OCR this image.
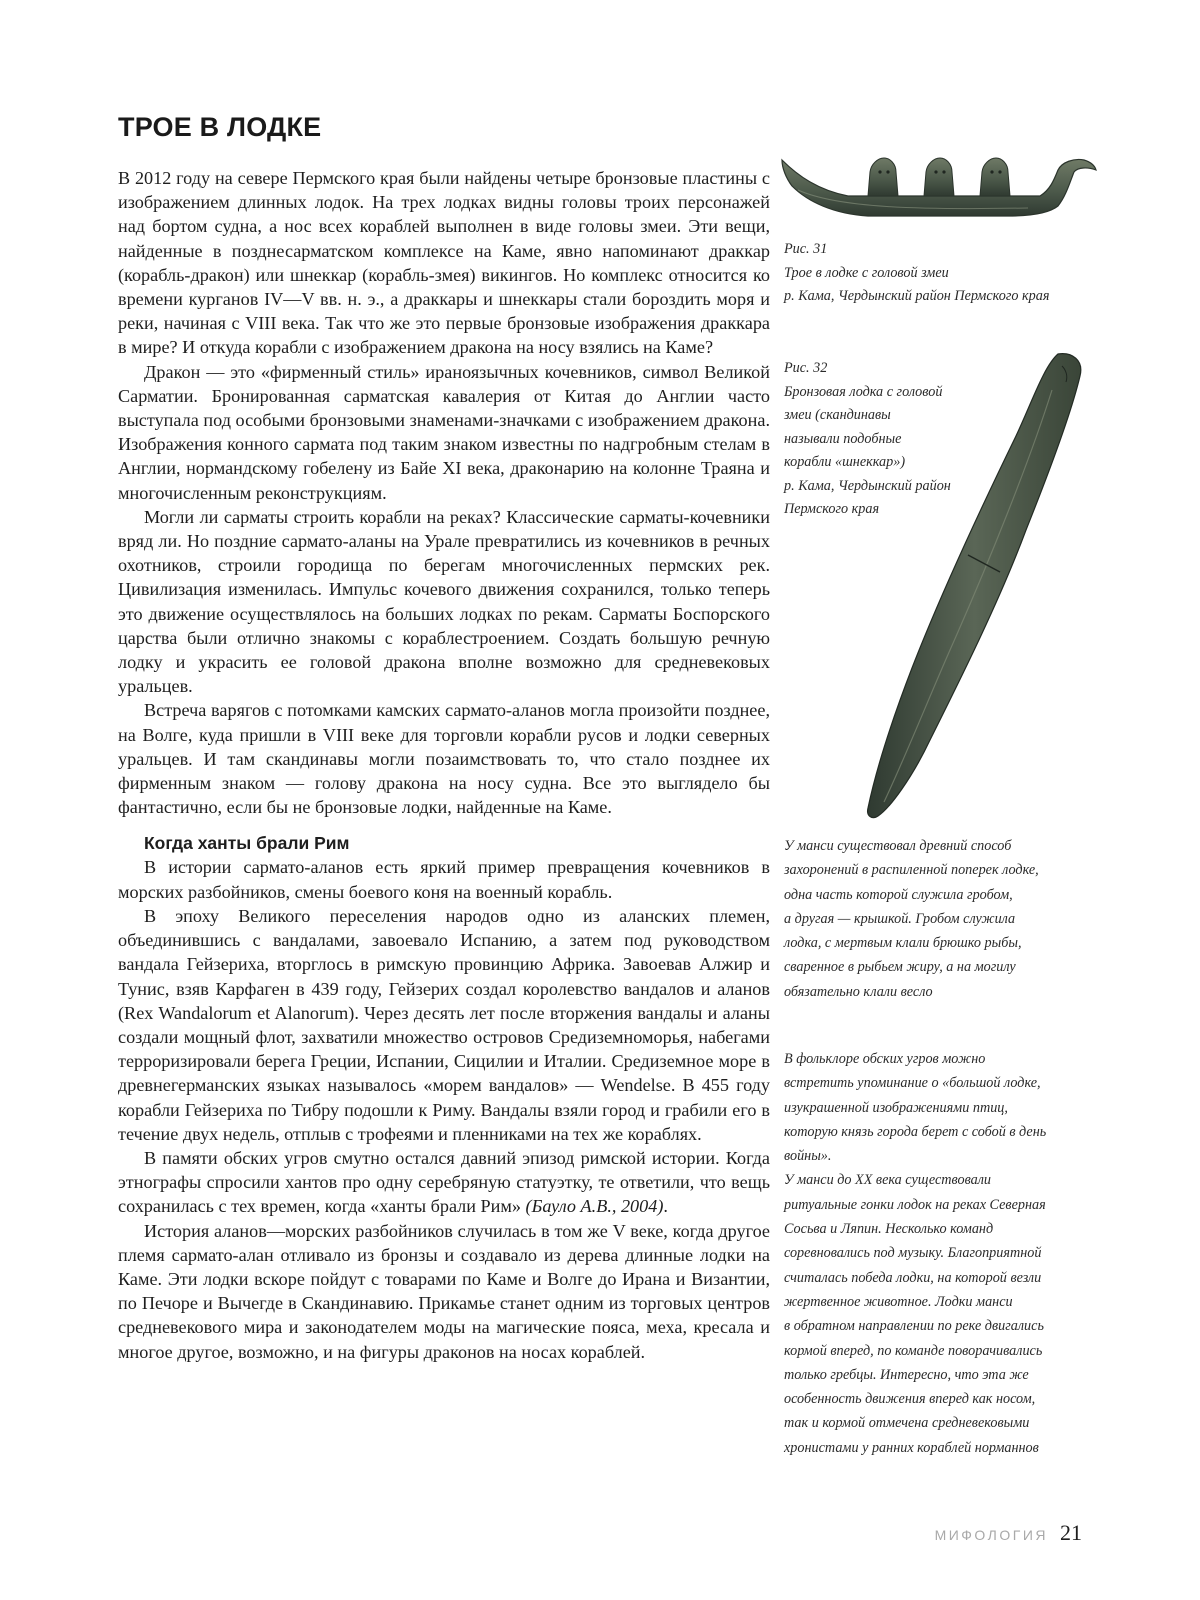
ТРОЕ В ЛОДКЕ

В 2012 году на севере Пермского края были найдены четыре бронзовые пластины с изображением длинных лодок. На трех лодках видны головы троих персонажей над бортом судна, а нос всех кораблей выполнен в виде головы змеи. Эти вещи, найденные в позднесарматском комплексе на Каме, явно напоминают драккар (корабль-дракон) или шнеккар (корабль-змея) викингов. Но комплекс относится ко времени курганов IV—V вв. н. э., а драккары и шнеккары стали бороздить моря и реки, начиная с VIII века. Так что же это первые бронзовые изображения драккара в мире? И откуда корабли с изображением дракона на носу взялись на Каме?

Дракон — это «фирменный стиль» ираноязычных кочевников, символ Великой Сарматии. Бронированная сарматская кавалерия от Китая до Англии часто выступала под особыми бронзовыми знаменами-значками с изображением дракона. Изображения конного сармата под таким знаком известны по надгробным стелам в Англии, нормандскому гобелену из Байе XI века, драконарию на колонне Траяна и многочисленным реконструкциям.

Могли ли сарматы строить корабли на реках? Классические сарматы-кочевники вряд ли. Но поздние сармато-аланы на Урале превратились из кочевников в речных охотников, строили городища по берегам многочисленных пермских рек. Цивилизация изменилась. Импульс кочевого движения сохранился, только теперь это движение осуществлялось на больших лодках по рекам. Сарматы Боспорского царства были отлично знакомы с кораблестроением. Создать большую речную лодку и украсить ее головой дракона вполне возможно для средневековых уральцев.

Встреча варягов с потомками камских сармато-аланов могла произойти позднее, на Волге, куда пришли в VIII веке для торговли корабли русов и лодки северных уральцев. И там скандинавы могли позаимствовать то, что стало позднее их фирменным знаком — голову дракона на носу судна. Все это выглядело бы фантастично, если бы не бронзовые лодки, найденные на Каме.

Когда ханты брали Рим

В истории сармато-аланов есть яркий пример превращения кочевников в морских разбойников, смены боевого коня на военный корабль.

В эпоху Великого переселения народов одно из аланских племен, объединившись с вандалами, завоевало Испанию, а затем под руководством вандала Гейзериха, вторглось в римскую провинцию Африка. Завоевав Алжир и Тунис, взяв Карфаген в 439 году, Гейзерих создал королевство вандалов и аланов (Rex Wandalorum et Alanorum). Через десять лет после вторжения вандалы и аланы создали мощный флот, захватили множество островов Средиземноморья, набегами терроризировали берега Греции, Испании, Сицилии и Италии. Средиземное море в древнегерманских языках называлось «морем вандалов» — Wendelse. В 455 году корабли Гейзериха по Тибру подошли к Риму. Вандалы взяли город и грабили его в течение двух недель, отплыв с трофеями и пленниками на тех же кораблях.

В памяти обских угров смутно остался давний эпизод римской истории. Когда этнографы спросили хантов про одну серебряную статуэтку, те ответили, что вещь сохранилась с тех времен, когда «ханты брали Рим» (Бауло А.В., 2004).

История аланов—морских разбойников случилась в том же V веке, когда другое племя сармато-алан отливало из бронзы и создавало из дерева длинные лодки на Каме. Эти лодки вскоре пойдут с товарами по Каме и Волге до Ирана и Византии, по Печоре и Вычегде в Скандинавию. Прикамье станет одним из торговых центров средневекового мира и законодателем моды на магические пояса, меха, кресала и многое другое, возможно, и на фигуры драконов на носах кораблей.

Рис. 31
Трое в лодке с головой змеи
р. Кама, Чердынский район Пермского края
Рис. 32
Бронзовая лодка с головой
змеи (скандинавы
называли подобные
корабли «шнеккар»)
р. Кама, Чердынский район
Пермского края
У манси существовал древний способ
захоронений в распиленной поперек лодке,
одна часть которой служила гробом,
а другая — крышкой. Гробом служила
лодка, с мертвым клали брюшко рыбы,
сваренное в рыбьем жиру, а на могилу
обязательно клали весло
В фольклоре обских угров можно
встретить упоминание о «большой лодке,
изукрашенной изображениями птиц,
которую князь города берет с собой в день
войны».
У манси до XX века существовали
ритуальные гонки лодок на реках Северная
Сосьва и Ляпин. Несколько команд
соревновались под музыку. Благоприятной
считалась победа лодки, на которой везли
жертвенное животное. Лодки манси
в обратном направлении по реке двигались
кормой вперед, по команде поворачивались
только гребцы. Интересно, что эта же
особенность движения вперед как носом,
так и кормой отмечена средневековыми
хронистами у ранних кораблей норманнов
МИФОЛОГИЯ 21
